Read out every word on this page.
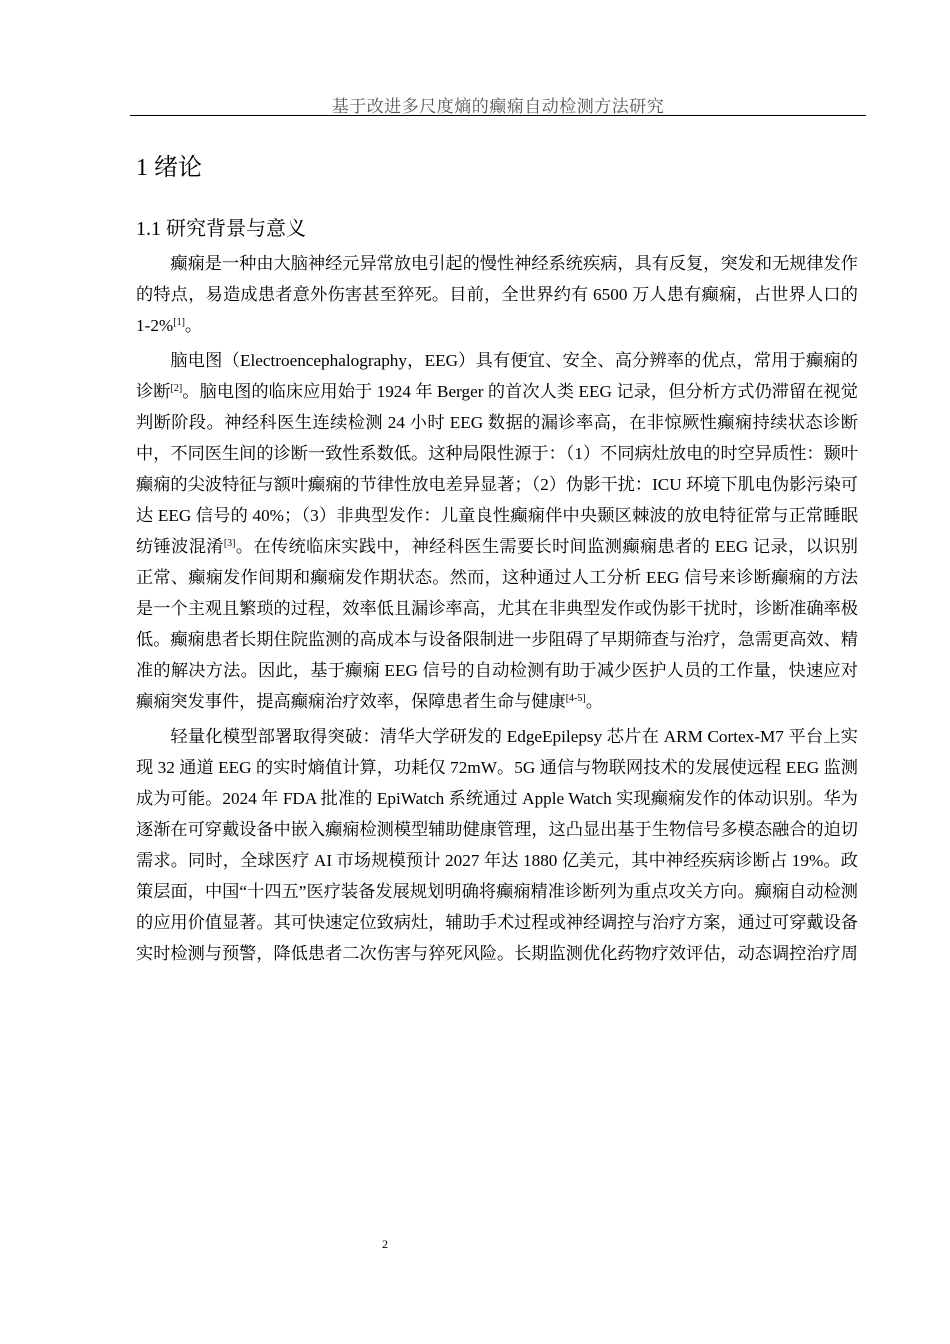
基于改进多尺度熵的癫痫自动检测方法研究
1 绪论
1.1 研究背景与意义

癫痫是一种由大脑神经元异常放电引起的慢性神经系统疾病，具有反复，突发和无规律发作的特点，易造成患者意外伤害甚至猝死。目前，全世界约有 6500 万人患有癫痫，占世界人口的 1-2%[1]。

脑电图（Electroencephalography，EEG）具有便宜、安全、高分辨率的优点，常用于癫痫的诊断[2]。脑电图的临床应用始于 1924 年 Berger 的首次人类 EEG 记录，但分析方式仍滞留在视觉判断阶段。神经科医生连续检测 24 小时 EEG 数据的漏诊率高，在非惊厥性癫痫持续状态诊断中，不同医生间的诊断一致性系数低。这种局限性源于：（1）不同病灶放电的时空异质性：颞叶癫痫的尖波特征与额叶癫痫的节律性放电差异显著；（2）伪影干扰：ICU 环境下肌电伪影污染可达 EEG 信号的 40%；（3）非典型发作：儿童良性癫痫伴中央颞区棘波的放电特征常与正常睡眠纺锤波混淆[3]。在传统临床实践中，神经科医生需要长时间监测癫痫患者的 EEG 记录，以识别正常、癫痫发作间期和癫痫发作期状态。然而，这种通过人工分析 EEG 信号来诊断癫痫的方法是一个主观且繁琐的过程，效率低且漏诊率高，尤其在非典型发作或伪影干扰时，诊断准确率极低。癫痫患者长期住院监测的高成本与设备限制进一步阻碍了早期筛查与治疗，急需更高效、精准的解决方法。因此，基于癫痫 EEG 信号的自动检测有助于减少医护人员的工作量，快速应对癫痫突发事件，提高癫痫治疗效率，保障患者生命与健康[4-5]。

轻量化模型部署取得突破：清华大学研发的 EdgeEpilepsy 芯片在 ARM Cortex-M7 平台上实现 32 通道 EEG 的实时熵值计算，功耗仅 72mW。5G 通信与物联网技术的发展使远程 EEG 监测成为可能。2024 年 FDA 批准的 EpiWatch 系统通过 Apple Watch 实现癫痫发作的体动识别。华为逐渐在可穿戴设备中嵌入癫痫检测模型辅助健康管理，这凸显出基于生物信号多模态融合的迫切需求。同时，全球医疗 AI 市场规模预计 2027 年达 1880 亿美元，其中神经疾病诊断占 19%。政策层面，中国“十四五”医疗装备发展规划明确将癫痫精准诊断列为重点攻关方向。癫痫自动检测的应用价值显著。其可快速定位致病灶，辅助手术过程或神经调控与治疗方案，通过可穿戴设备实时检测与预警，降低患者二次伤害与猝死风险。长期监测优化药物疗效评估，动态调控治疗周

2
